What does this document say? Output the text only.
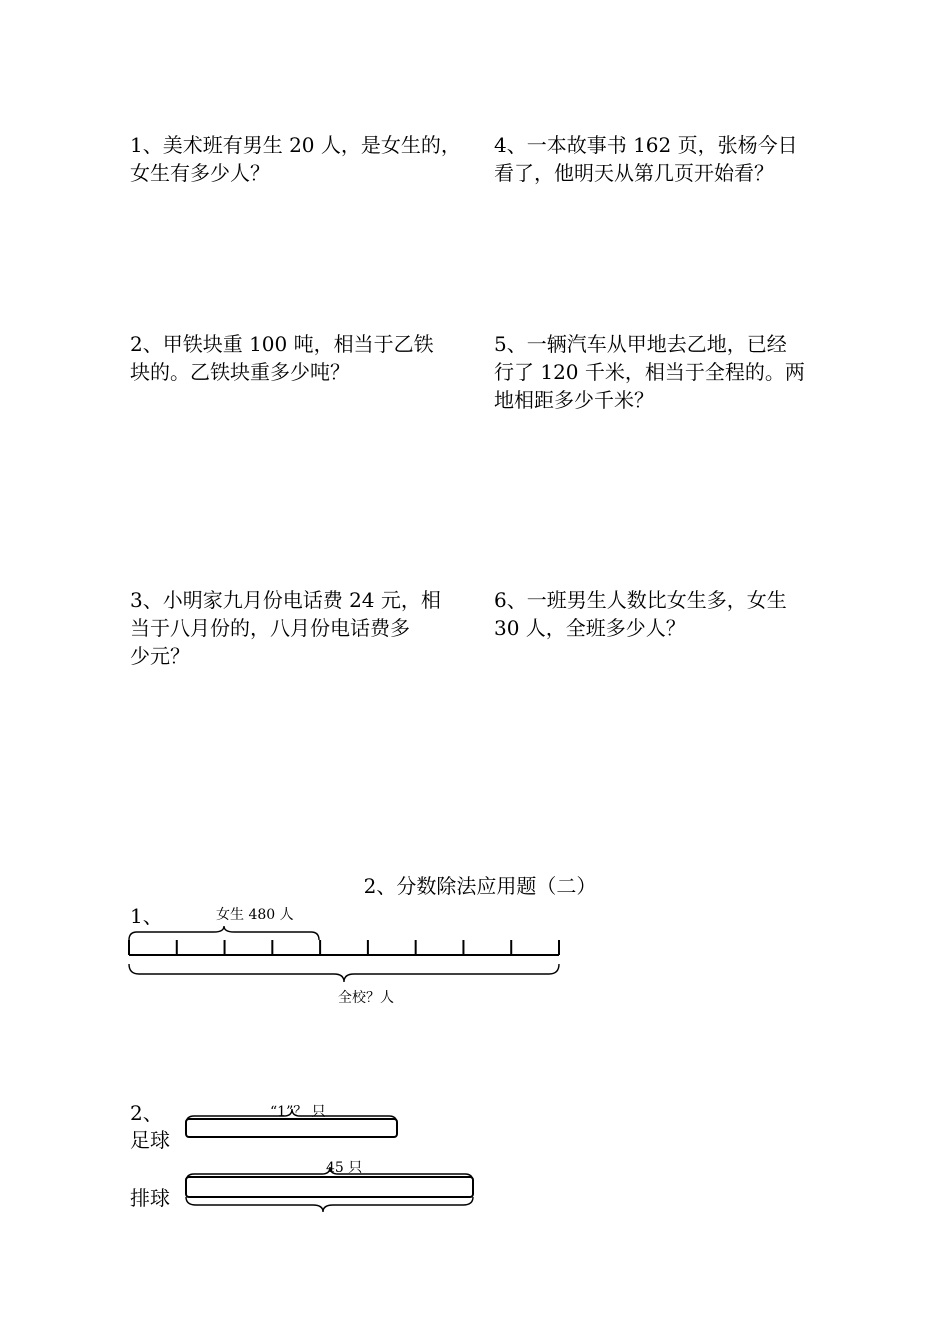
1、美术班有男生 20 人，是女生的，
女生有多少人？
2、甲铁块重 100 吨，相当于乙铁
块的。乙铁块重多少吨？
3、小明家九月份电话费 24 元，相
当于八月份的，八月份电话费多
少元？
4、一本故事书 162 页，张杨今日
看了，他明天从第几页开始看？
5、一辆汽车从甲地去乙地，已经
行了 120 千米，相当于全程的。两
地相距多少千米？
6、一班男生人数比女生多，女生
30 人，全班多少人？
2、分数除法应用题（二）
1、	女生 480 人
全校？人
2、	“1”？ 只
足球
45 只
排球
